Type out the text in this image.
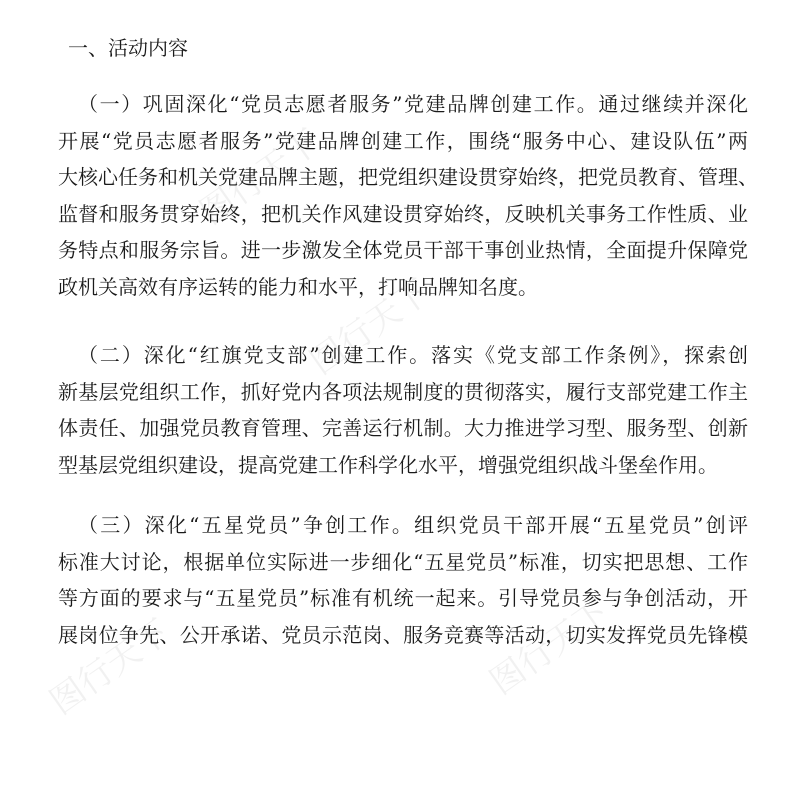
一、活动内容
（一）巩固深化“党员志愿者服务”党建品牌创建工作。通过继续并深化
开展“党员志愿者服务”党建品牌创建工作，围绕“服务中心、建设队伍”两
大核心任务和机关党建品牌主题，把党组织建设贯穿始终，把党员教育、管理、
监督和服务贯穿始终，把机关作风建设贯穿始终，反映机关事务工作性质、业
务特点和服务宗旨。进一步激发全体党员干部干事创业热情，全面提升保障党
政机关高效有序运转的能力和水平，打响品牌知名度。
（二）深化“红旗党支部”创建工作。落实《党支部工作条例》，探索创
新基层党组织工作，抓好党内各项法规制度的贯彻落实，履行支部党建工作主
体责任、加强党员教育管理、完善运行机制。大力推进学习型、服务型、创新
型基层党组织建设，提高党建工作科学化水平，增强党组织战斗堡垒作用。
（三）深化“五星党员”争创工作。组织党员干部开展“五星党员”创评
标准大讨论，根据单位实际进一步细化“五星党员”标准，切实把思想、工作
等方面的要求与“五星党员”标准有机统一起来。引导党员参与争创活动，开
展岗位争先、公开承诺、党员示范岗、服务竞赛等活动，切实发挥党员先锋模
图行天下
图行天下
图行天下
图行天下
